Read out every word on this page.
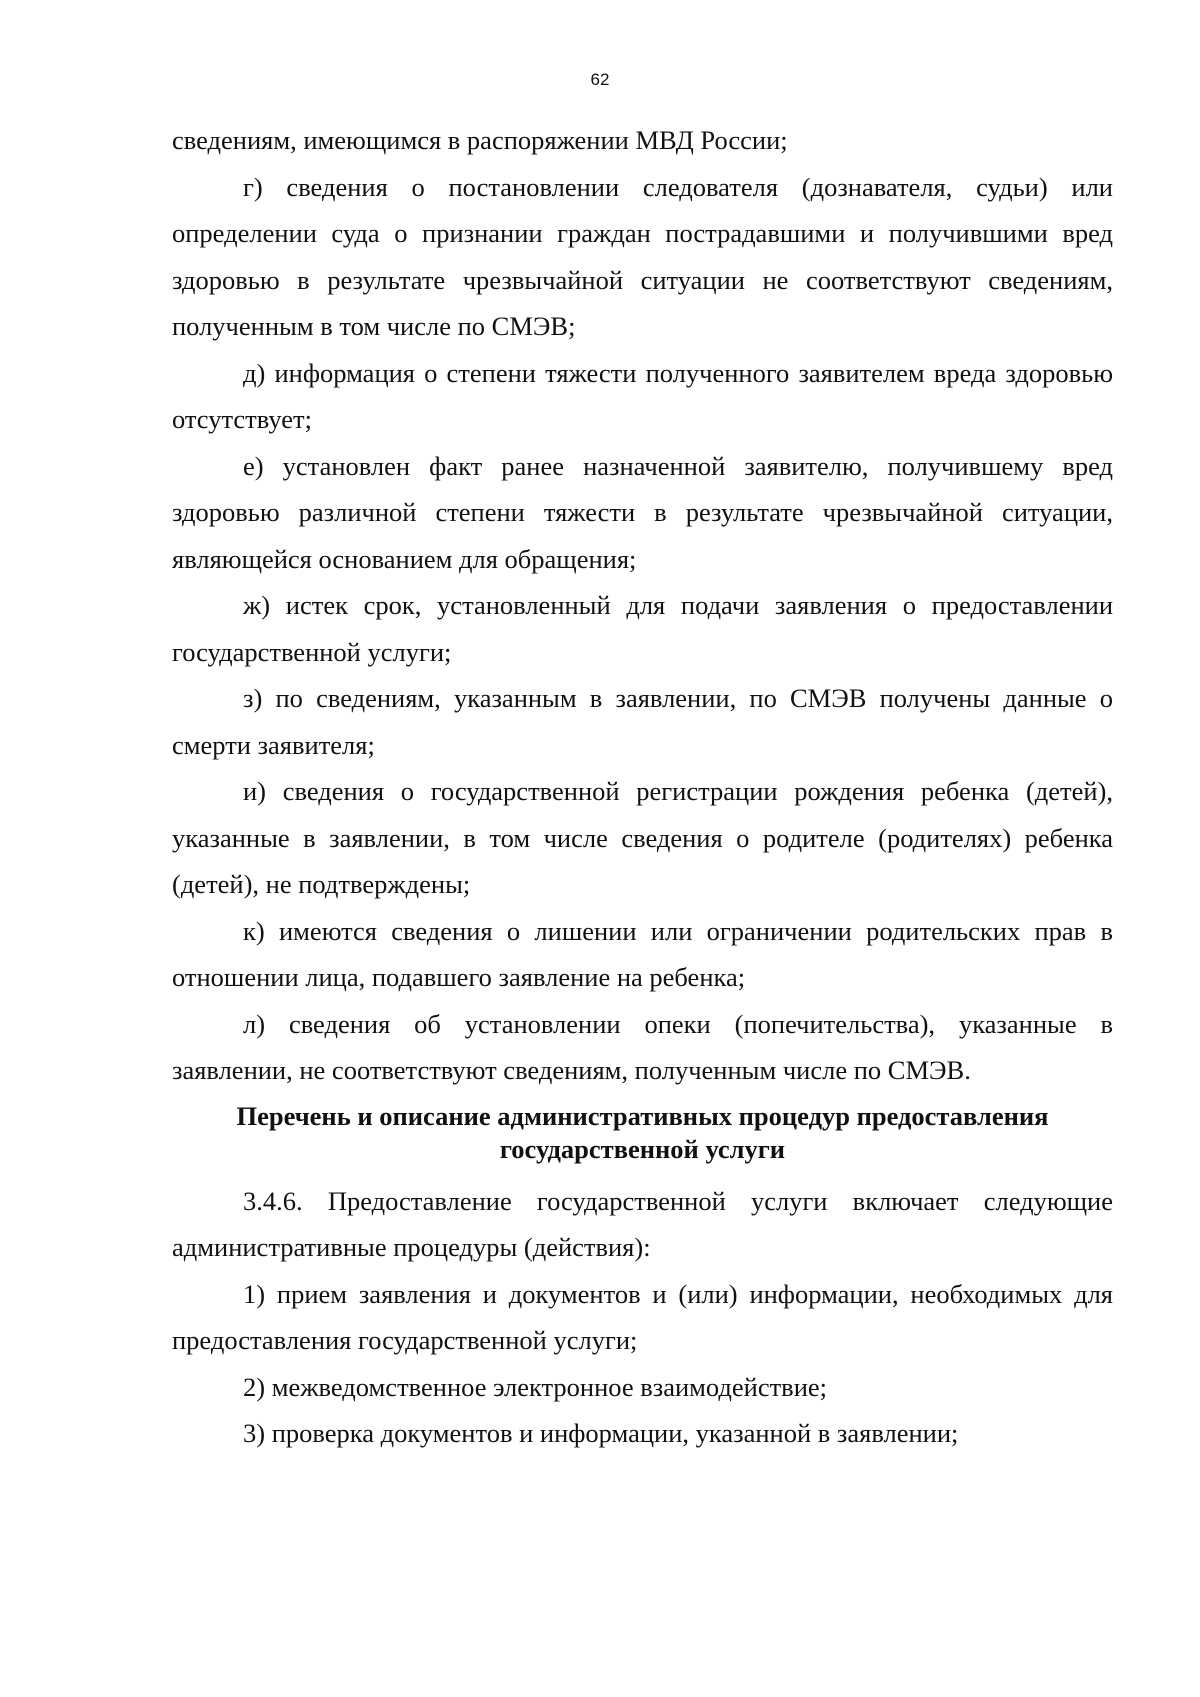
62

сведениям, имеющимся в распоряжении МВД России;

г) сведения о постановлении следователя (дознавателя, судьи) или определении суда о признании граждан пострадавшими и получившими вред здоровью в результате чрезвычайной ситуации не соответствуют сведениям, полученным в том числе по СМЭВ;

д) информация о степени тяжести полученного заявителем вреда здоровью отсутствует;

е) установлен факт ранее назначенной заявителю, получившему вред здоровью различной степени тяжести в результате чрезвычайной ситуации, являющейся основанием для обращения;

ж) истек срок, установленный для подачи заявления о предоставлении государственной услуги;

з) по сведениям, указанным в заявлении, по СМЭВ получены данные о смерти заявителя;

и) сведения о государственной регистрации рождения ребенка (детей), указанные в заявлении, в том числе сведения о родителе (родителях) ребенка (детей), не подтверждены;

к) имеются сведения о лишении или ограничении родительских прав в отношении лица, подавшего заявление на ребенка;

л) сведения об установлении опеки (попечительства), указанные в заявлении, не соответствуют сведениям, полученным числе по СМЭВ.

Перечень и описание административных процедур предоставления
государственной услуги

3.4.6. Предоставление государственной услуги включает следующие административные процедуры (действия):

1) прием заявления и документов и (или) информации, необходимых для предоставления государственной услуги;

2) межведомственное электронное взаимодействие;

3) проверка документов и информации, указанной в заявлении;
